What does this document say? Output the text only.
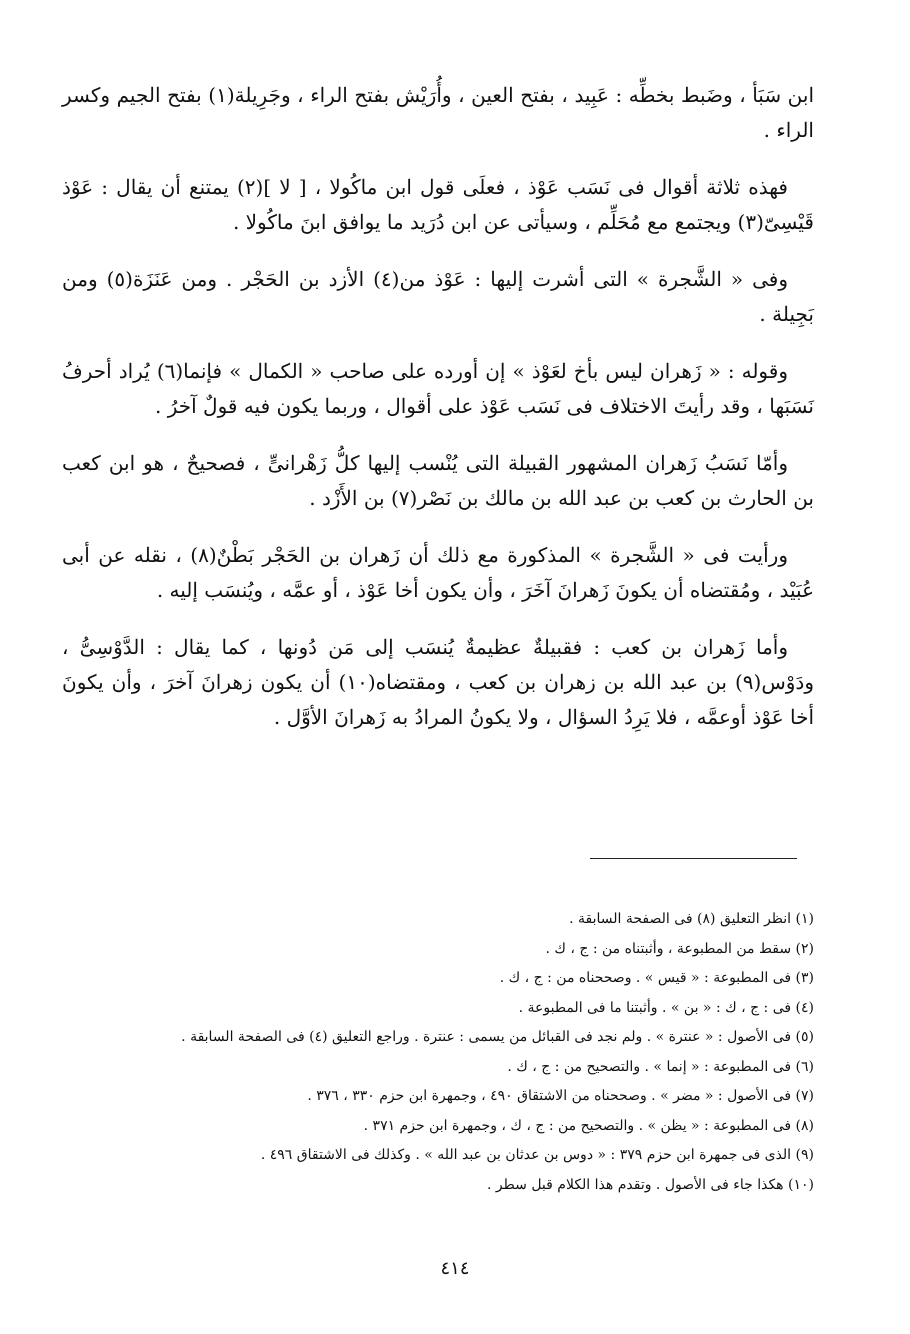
ابن سَبَأ ، وضَبط بخطِّه : عَبِيد ، بفتح العين ، وأُرَيْش بفتح الراء ، وجَرِيلة(١) بفتح الجيم وكسر الراء .

فهذه ثلاثة أقوال فى نَسَب عَوْذ ، فعلَى قول ابن ماكُولا ، [ لا ](٢) يمتنع أن يقال : عَوْذ قَيْسِىّ(٣) ويجتمع مع مُحَلِّم ، وسيأتى عن ابن دُرَيد ما يوافق ابنَ ماكُولا .

وفى « الشَّجرة » التى أشرت إليها : عَوْذ من(٤) الأزد بن الحَجْر . ومن عَنَزَة(٥) ومن بَجِيلة .

وقوله : « زَهران ليس بأخ لعَوْذ » إن أورده على صاحب « الكمال » فإنما(٦) يُراد أحرفُ نَسَبَها ، وقد رأيتَ الاختلاف فى نَسَب عَوْذ على أقوال ، وربما يكون فيه قولٌ آخرُ .

وأمّا نَسَبُ زَهران المشهور القبيلة التى يُنْسب إليها كلُّ زَهْرانىٍّ ، فصحيحٌ ، هو ابن كعب بن الحارث بن كعب بن عبد الله بن مالك بن نَصْر(٧) بن الأَزْد .

ورأيت فى « الشَّجرة » المذكورة مع ذلك أن زَهران بن الحَجْر بَطْنٌ(٨) ، نقله عن أبى عُبَيْد ، ومُقتضاه أن يكونَ زَهرانَ آخَرَ ، وأن يكون أخا عَوْذ ، أو عمَّه ، ويُنسَب إليه .

وأما زَهران بن كعب : فقبيلةٌ عظيمةٌ يُنسَب إلى مَن دُونها ، كما يقال : الدَّوْسِىُّ ، ودَوْس(٩) بن عبد الله بن زهران بن كعب ، ومقتضاه(١٠) أن يكون زهرانَ آخرَ ، وأن يكونَ أخا عَوْذ أوعمَّه ، فلا يَرِدُ السؤال ، ولا يكونُ المرادُ به زَهرانَ الأوَّل .

(١) انظر التعليق (٨) فى الصفحة السابقة .
(٢) سقط من المطبوعة ، وأثبتناه من : ج ، ك .
(٣) فى المطبوعة : « قيس » . وصححناه من : ج ، ك .
(٤) فى : ج ، ك : « بن » . وأثبتنا ما فى المطبوعة .
(٥) فى الأصول : « عنترة » . ولم نجد فى القبائل من يسمى : عنترة . وراجع التعليق (٤) فى الصفحة السابقة .
(٦) فى المطبوعة : « إنما » . والتصحيح من : ج ، ك .
(٧) فى الأصول : « مضر » . وصححناه من الاشتقاق ٤٩٠ ، وجمهرة ابن حزم ٣٣٠ ، ٣٧٦ .
(٨) فى المطبوعة : « يظن » . والتصحيح من : ج ، ك ، وجمهرة ابن حزم ٣٧١ .
(٩) الذى فى جمهرة ابن حزم ٣٧٩ : « دوس بن عدثان بن عبد الله » . وكذلك فى الاشتقاق ٤٩٦ .
(١٠) هكذا جاء فى الأصول . وتقدم هذا الكلام قبل سطر .
٤١٤
